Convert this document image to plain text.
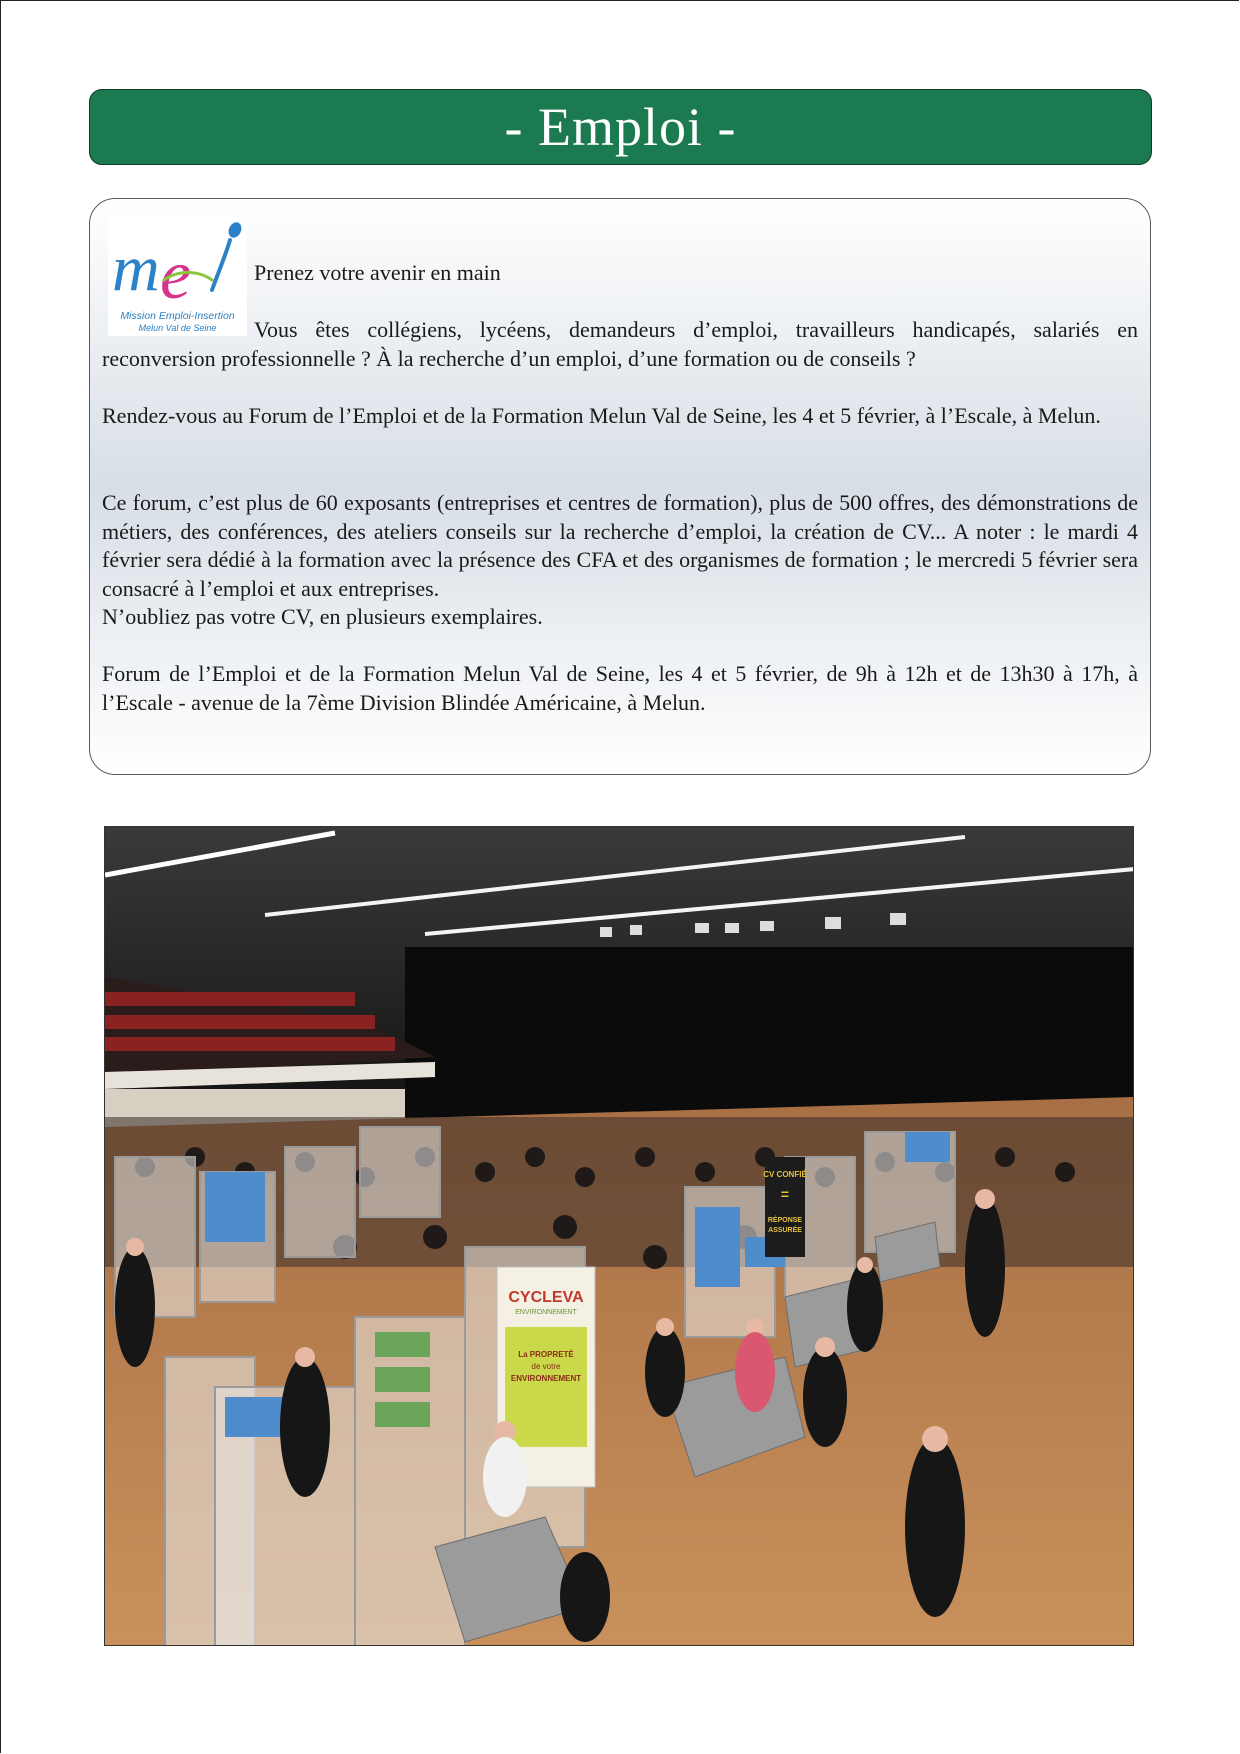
- Emploi -
m e
Mission Emploi-Insertion
Melun Val de Seine

Prenez votre avenir en main

Vous êtes collégiens, lycéens, demandeurs d’emploi, travailleurs handicapés, salariés en reconversion professionnelle ? À la recherche d’un emploi, d’une formation ou de conseils ?

Rendez-vous au Forum de l’Emploi et de la Formation Melun Val de Seine, les 4 et 5 février, à l’Escale, à Melun.

Ce forum, c’est plus de 60 exposants (entreprises et centres de formation), plus de 500 offres, des démonstrations de métiers, des conférences, des ateliers conseils sur la recherche d’emploi, la création de CV... A noter : le mardi 4 février sera dédié à la formation avec la présence des CFA et des organismes de formation ; le mercredi 5 février sera consacré à l’emploi et aux entreprises.

N’oubliez pas votre CV, en plusieurs exemplaires.

Forum de l’Emploi et de la Formation Melun Val de Seine, les 4 et 5 février, de 9h à 12h et de 13h30 à 17h, à l’Escale - avenue de la 7ème Division Blindée Américaine, à Melun.

CV CONFIÉ
=
RÉPONSE
ASSURÉE
CYCLEVA
ENVIRONNEMENT
La PROPRETÉ
de votre
ENVIRONNEMENT
